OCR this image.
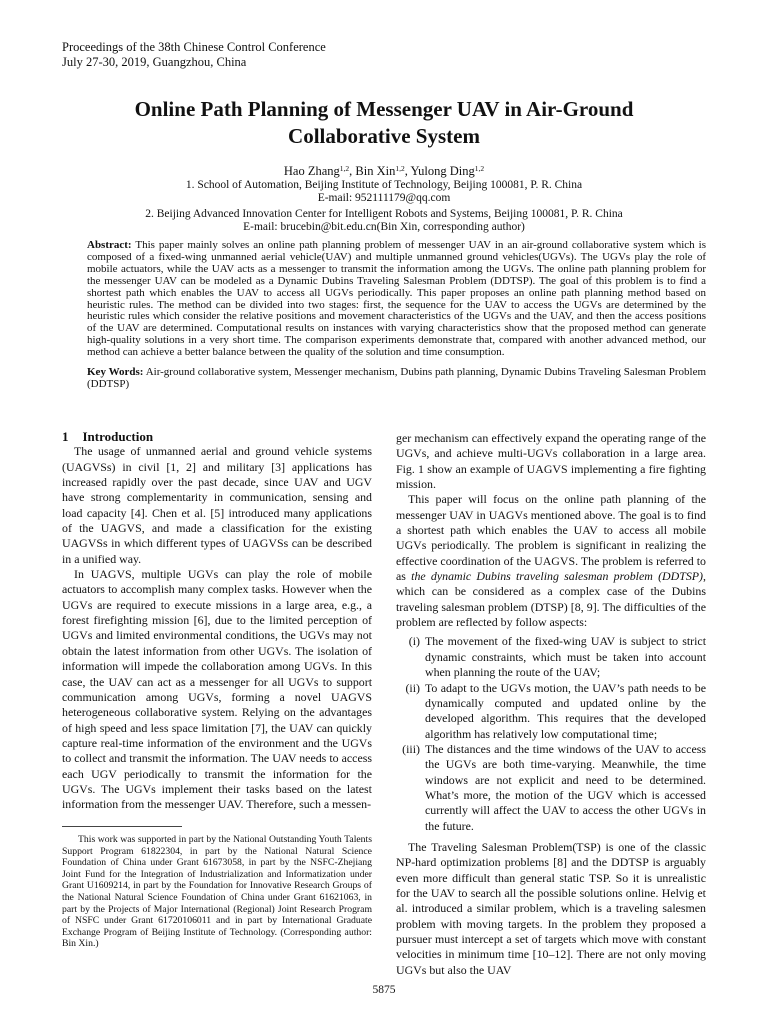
Proceedings of the 38th Chinese Control Conference
July 27-30, 2019, Guangzhou, China
Online Path Planning of Messenger UAV in Air-Ground
Collaborative System

Hao Zhang$^{1,2}$, Bin Xin$^{1,2}$, Yulong Ding$^{1,2}$

1. School of Automation, Beijing Institute of Technology, Beijing 100081, P. R. China

E-mail: 952111179@qq.com

2. Beijing Advanced Innovation Center for Intelligent Robots and Systems, Beijing 100081, P. R. China

E-mail: brucebin@bit.edu.cn(Bin Xin, corresponding author)

Abstract: This paper mainly solves an online path planning problem of messenger UAV in an air-ground collaborative system which is composed of a fixed-wing unmanned aerial vehicle(UAV) and multiple unmanned ground vehicles(UGVs). The UGVs play the role of mobile actuators, while the UAV acts as a messenger to transmit the information among the UGVs. The online path planning problem for the messenger UAV can be modeled as a Dynamic Dubins Traveling Salesman Problem (DDTSP). The goal of this problem is to find a shortest path which enables the UAV to access all UGVs periodically. This paper proposes an online path planning method based on heuristic rules. The method can be divided into two stages: first, the sequence for the UAV to access the UGVs are determined by the heuristic rules which consider the relative positions and movement characteristics of the UGVs and the UAV, and then the access positions of the UAV are determined. Computational results on instances with varying characteristics show that the proposed method can generate high-quality solutions in a very short time. The comparison experiments demonstrate that, compared with another advanced method, our method can achieve a better balance between the quality of the solution and time consumption.

Key Words: Air-ground collaborative system, Messenger mechanism, Dubins path planning, Dynamic Dubins Traveling Salesman Problem (DDTSP)

1 Introduction

The usage of unmanned aerial and ground vehicle systems (UAGVSs) in civil [1, 2] and military [3] applications has increased rapidly over the past decade, since UAV and UGV have strong complementarity in communication, sensing and load capacity [4]. Chen et al. [5] introduced many applications of the UAGVS, and made a classification for the existing UAGVSs in which different types of UAGVSs can be described in a unified way.

In UAGVS, multiple UGVs can play the role of mobile actuators to accomplish many complex tasks. However when the UGVs are required to execute missions in a large area, e.g., a forest firefighting mission [6], due to the limited perception of UGVs and limited environmental conditions, the UGVs may not obtain the latest information from other UGVs. The isolation of information will impede the collaboration among UGVs. In this case, the UAV can act as a messenger for all UGVs to support communication among UGVs, forming a novel UAGVS heterogeneous collaborative system. Relying on the advantages of high speed and less space limitation [7], the UAV can quickly capture real-time information of the environment and the UGVs to collect and transmit the information. The UAV needs to access each UGV periodically to transmit the information for the UGVs. The UGVs implement their tasks based on the latest information from the messenger UAV. Therefore, such a messen-

ger mechanism can effectively expand the operating range of the UGVs, and achieve multi-UGVs collaboration in a large area. Fig. 1 show an example of UAGVS implementing a fire fighting mission.

This paper will focus on the online path planning of the messenger UAV in UAGVs mentioned above. The goal is to find a shortest path which enables the UAV to access all mobile UGVs periodically. The problem is significant in realizing the effective coordination of the UAGVS. The problem is referred to as the dynamic Dubins traveling salesman problem (DDTSP), which can be considered as a complex case of the Dubins traveling salesman problem (DTSP) [8, 9]. The difficulties of the problem are reflected by follow aspects:

(i) The movement of the fixed-wing UAV is subject to strict dynamic constraints, which must be taken into account when planning the route of the UAV;
(ii) To adapt to the UGVs motion, the UAV’s path needs to be dynamically computed and updated online by the developed algorithm. This requires that the developed algorithm has relatively low computational time;
(iii) The distances and the time windows of the UAV to access the UGVs are both time-varying. Meanwhile, the time windows are not explicit and need to be determined. What’s more, the motion of the UGV which is accessed currently will affect the UAV to access the other UGVs in the future.

The Traveling Salesman Problem(TSP) is one of the classic NP-hard optimization problems [8] and the DDTSP is arguably even more difficult than general static TSP. So it is unrealistic for the UAV to search all the possible solutions online. Helvig et al. introduced a similar problem, which is a traveling salesmen problem with moving targets. In the problem they proposed a pursuer must intercept a set of targets which move with constant velocities in minimum time [10–12]. There are not only moving UGVs but also the UAV

This work was supported in part by the National Outstanding Youth Talents Support Program 61822304, in part by the National Natural Science Foundation of China under Grant 61673058, in part by the NSFC-Zhejiang Joint Fund for the Integration of Industrialization and Informatization under Grant U1609214, in part by the Foundation for Innovative Research Groups of the National Natural Science Foundation of China under Grant 61621063, in part by the Projects of Major International (Regional) Joint Research Program of NSFC under Grant 61720106011 and in part by International Graduate Exchange Program of Beijing Institute of Technology. (Corresponding author: Bin Xin.)

5875
